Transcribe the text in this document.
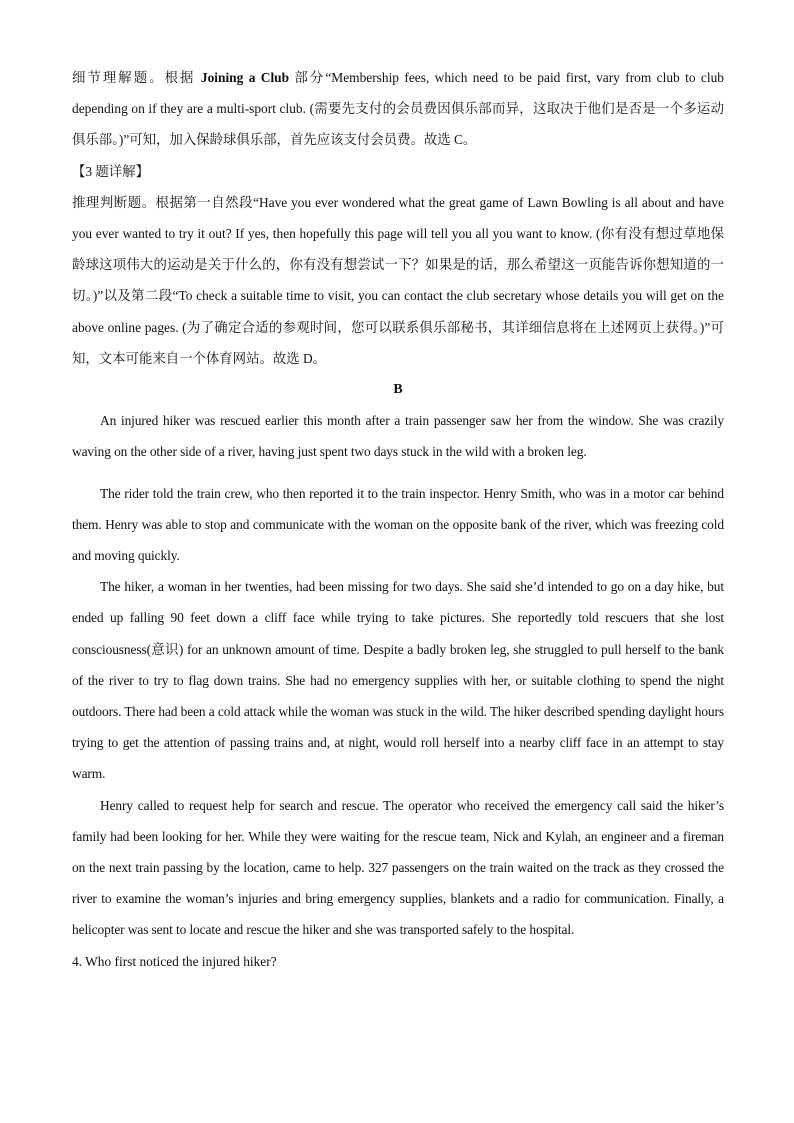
细节理解题。根据 Joining a Club 部分“Membership fees, which need to be paid first, vary from club to club depending on if they are a multi-sport club. (需要先支付的会员费因俱乐部而异，这取决于他们是否是一个多运动俱乐部。)”可知，加入保龄球俱乐部，首先应该支付会员费。故选 C。

【3 题详解】

推理判断题。根据第一自然段“Have you ever wondered what the great game of Lawn Bowling is all about and have you ever wanted to try it out? If yes, then hopefully this page will tell you all you want to know. (你有没有想过草地保龄球这项伟大的运动是关于什么的，你有没有想尝试一下？如果是的话，那么希望这一页能告诉你想知道的一切。)”以及第二段“To check a suitable time to visit, you can contact the club secretary whose details you will get on the above online pages. (为了确定合适的参观时间，您可以联系俱乐部秘书，其详细信息将在上述网页上获得。)”可知，文本可能来自一个体育网站。故选 D。

B

An injured hiker was rescued earlier this month after a train passenger saw her from the window. She was crazily waving on the other side of a river, having just spent two days stuck in the wild with a broken leg.

The rider told the train crew, who then reported it to the train inspector. Henry Smith, who was in a motor car behind them. Henry was able to stop and communicate with the woman on the opposite bank of the river, which was freezing cold and moving quickly.

The hiker, a woman in her twenties, had been missing for two days. She said she’d intended to go on a day hike, but ended up falling 90 feet down a cliff face while trying to take pictures. She reportedly told rescuers that she lost consciousness(意识) for an unknown amount of time. Despite a badly broken leg, she struggled to pull herself to the bank of the river to try to flag down trains. She had no emergency supplies with her, or suitable clothing to spend the night outdoors. There had been a cold attack while the woman was stuck in the wild. The hiker described spending daylight hours trying to get the attention of passing trains and, at night, would roll herself into a nearby cliff face in an attempt to stay warm.

Henry called to request help for search and rescue. The operator who received the emergency call said the hiker’s family had been looking for her. While they were waiting for the rescue team, Nick and Kylah, an engineer and a fireman on the next train passing by the location, came to help. 327 passengers on the train waited on the track as they crossed the river to examine the woman’s injuries and bring emergency supplies, blankets and a radio for communication. Finally, a helicopter was sent to locate and rescue the hiker and she was transported safely to the hospital.

4. Who first noticed the injured hiker?
